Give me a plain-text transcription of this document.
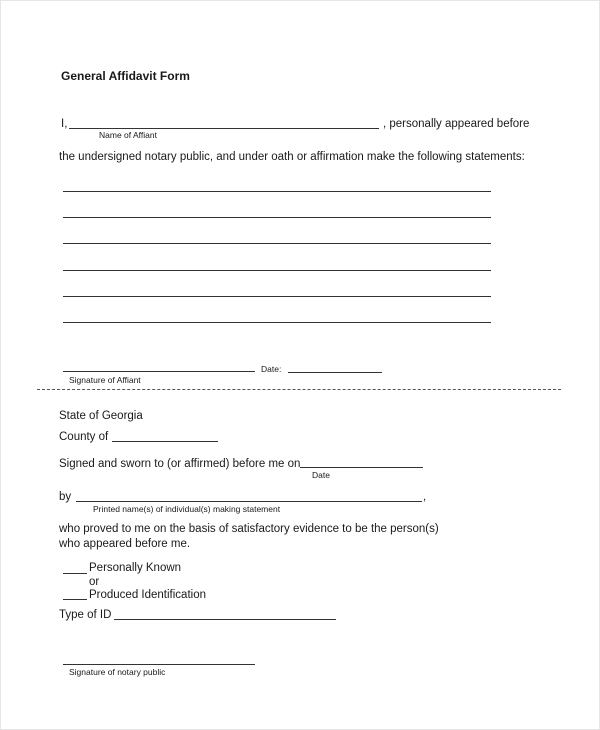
General Affidavit Form
I,	, personally appeared before
Name of Affiant
the undersigned notary public, and under oath or affirmation make the following statements:
Signature of Affiant
Date:
State of Georgia
County of
Signed and sworn to (or affirmed) before me on
Date
by	,
Printed name(s) of individual(s) making statement
who proved to me on the basis of satisfactory evidence to be the person(s)
who appeared before me.
Personally Known
or
Produced Identification
Type of ID
Signature of notary public
